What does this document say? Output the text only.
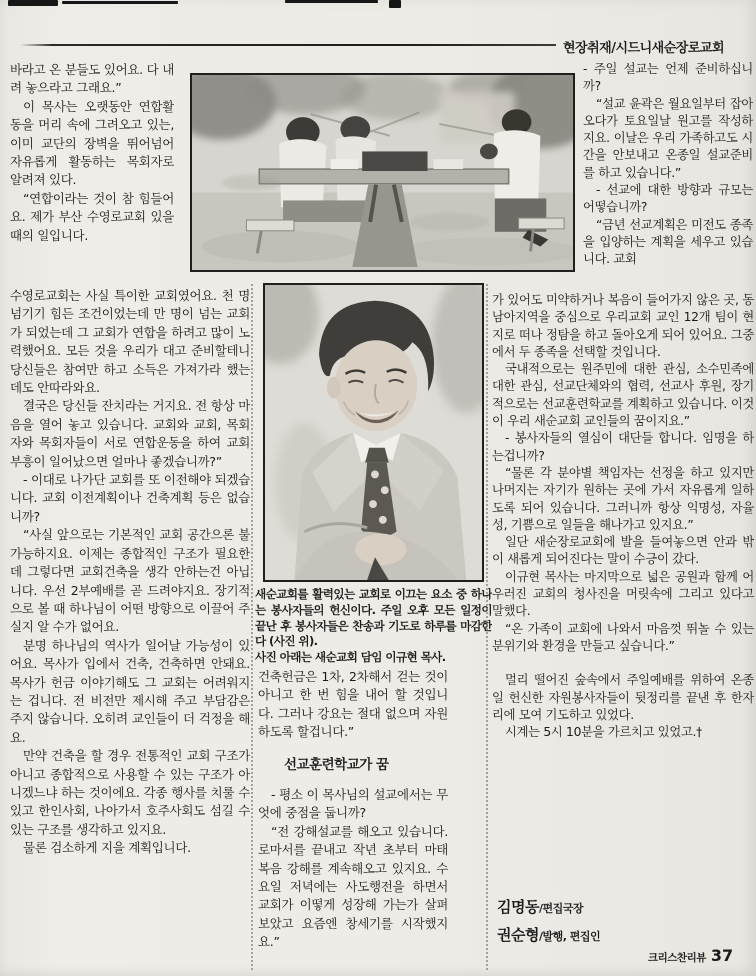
현장취재/시드니새순장로교회

바라고 온 분들도 있어요. 다 내려 놓으라고 그래요.”

이 목사는 오랫동안 연합활동을 머리 속에 그려오고 있는, 이미 교단의 장벽을 뛰어넘어 자유롭게 활동하는 목회자로 알려져 있다.

“연합이라는 것이 참 힘들어요. 제가 부산 수영로교회 있을 때의 일입니다.

수영로교회는 사실 특이한 교회였어요. 천 명 넘기기 힘든 조건이었는데 만 명이 넘는 교회가 되었는데 그 교회가 연합을 하려고 많이 노력했어요. 모든 것을 우리가 대고 준비할테니 당신들은 참여만 하고 소득은 가져가라 했는데도 안따라와요.

결국은 당신들 잔치라는 거지요. 전 항상 마음을 열어 놓고 있습니다. 교회와 교회, 목회자와 목회자들이 서로 연합운동을 하여 교회 부흥이 일어났으면 얼마나 좋겠습니까?”

- 이대로 나가단 교회를 또 이전해야 되겠습니다. 교회 이전계획이나 건축계획 등은 없습니까?

“사실 앞으로는 기본적인 교회 공간으론 불가능하지요. 이제는 종합적인 구조가 필요한데 그렇다면 교회건축을 생각 안하는건 아닙니다. 우선 2부예배를 곧 드려야지요. 장기적으로 볼 때 하나님이 어떤 방향으로 이끌어 주실지 알 수가 없어요.

분명 하나님의 역사가 일어날 가능성이 있어요. 목사가 입에서 건축, 건축하면 안돼요. 목사가 헌금 이야기해도 그 교회는 어려워지는 겁니다. 전 비전만 제시해 주고 부담감은 주지 않습니다. 오히려 교인들이 더 걱정을 해요.

만약 건축을 할 경우 전통적인 교회 구조가 아니고 종합적으로 사용할 수 있는 구조가 아니겠느냐 하는 것이에요. 각종 행사를 치룰 수 있고 한인사회, 나아가서 호주사회도 섬길 수 있는 구조를 생각하고 있지요.

물론 검소하게 지을 계획입니다.

새순교회를 활력있는 교회로 이끄는 요소 중 하나는 봉사자들의 헌신이다. 주일 오후 모든 일정이 끝난 후 봉사자들은 찬송과 기도로 하루를 마감한다 (사진 위).

사진 아래는 새순교회 담임 이규현 목사.

건축헌금은 1차, 2차해서 걷는 것이 아니고 한 번 힘을 내어 할 것입니다. 그러나 강요는 절대 없으며 자원하도록 할겁니다.”

선교훈련학교가 꿈

- 평소 이 목사님의 설교에서는 무엇에 중점을 둡니까?

“전 강해설교를 해오고 있습니다. 로마서를 끝내고 작년 초부터 마태복음 강해를 계속해오고 있지요. 수요일 저녁에는 사도행전을 하면서 교회가 이떻게 성장해 가는가 살펴보았고 요즘엔 창세기를 시작했지요.”

- 주일 설교는 언제 준비하십니까?

“설교 윤곽은 월요일부터 잡아 오다가 토요일날 원고를 작성하지요. 이날은 우리 가족하고도 시간을 안보내고 온종일 설교준비를 하고 있습니다.”

- 선교에 대한 방향과 규모는 어떻습니까?

“금년 선교계획은 미전도 종족을 입양하는 계획을 세우고 있습니다. 교회

가 있어도 미약하거나 복음이 들어가지 않은 곳, 동남아지역을 중심으로 우리교회 교인 12개 팀이 현지로 떠나 정탐을 하고 돌아오게 되어 있어요. 그중에서 두 종족을 선택할 것입니다.

국내적으로는 원주민에 대한 관심, 소수민족에 대한 관심, 선교단체와의 협력, 선교사 후원, 장기적으로는 선교훈련학교를 계획하고 있습니다. 이것이 우리 새순교회 교인들의 꿈이지요.”

- 봉사자들의 열심이 대단들 합니다. 임명을 하는겁니까?

“물론 각 분야별 책임자는 선정을 하고 있지만 나머지는 자기가 원하는 곳에 가서 자유롭게 일하도록 되어 있습니다. 그러니까 항상 익명성, 자율성, 기쁨으로 일들을 해나가고 있지요.”

일단 새순장로교회에 발을 들여놓으면 안과 밖이 새롭게 되어진다는 말이 수긍이 갔다.

이규현 목사는 마지막으로 넓은 공원과 함께 어우러진 교회의 청사진을 머릿속에 그리고 있다고 말했다.

“온 가족이 교회에 나와서 마음껏 뛰놀 수 있는 분위기와 환경을 만들고 싶습니다.”

멀리 떨어진 숲속에서 주일예배를 위하여 온종일 헌신한 자원봉사자들이 뒷정리를 끝낸 후 한자리에 모여 기도하고 있었다.

시계는 5시 10분을 가르치고 있었고.†

김명동/편집국장
권순형/발행, 편집인
크리스찬리뷰 37
